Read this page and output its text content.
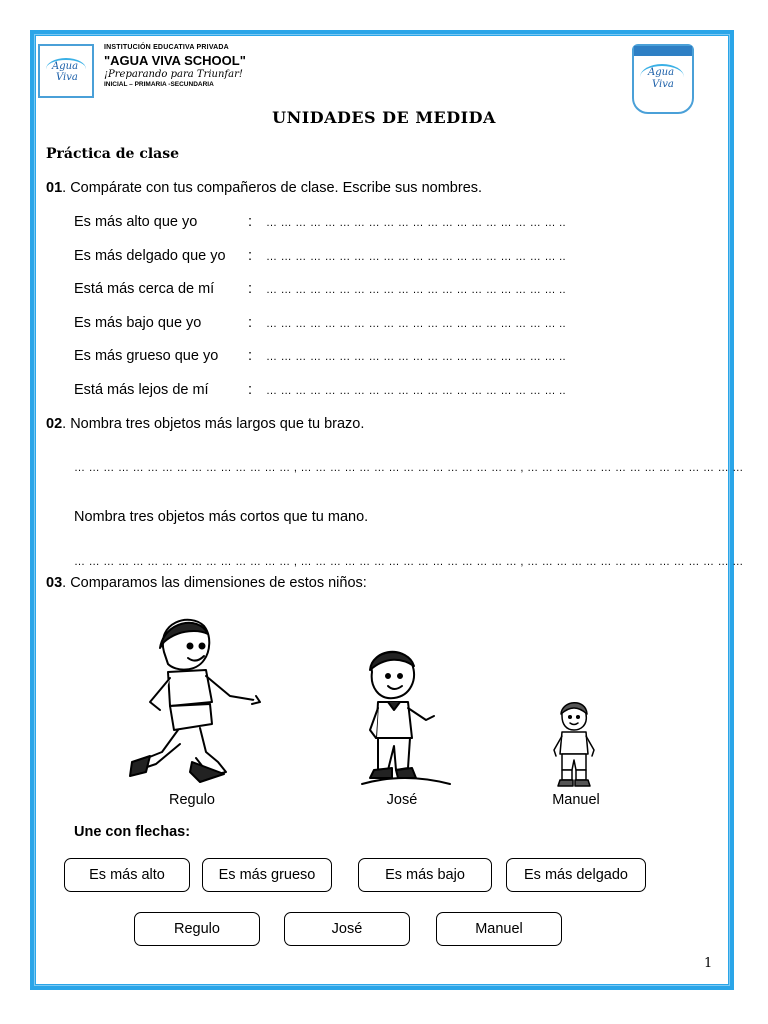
Agua
Viva
INSTITUCIÓN EDUCATIVA PRIVADA
"AGUA VIVA SCHOOL"
¡Preparando para Triunfar!
INICIAL – PRIMARIA -SECUNDARIA
Agua
Viva
UNIDADES DE MEDIDA
Práctica de clase
01. Compárate con tus compañeros de clase. Escribe sus nombres.
Es más alto que yo	: … … … … … … … … … … … … … … … … … … … … ..
Es más delgado que yo : … … … … … … … … … … … … … … … … … … … … ..
Está más cerca de mí : … … … … … … … … … … … … … … … … … … … … ..
Es más bajo que yo	: … … … … … … … … … … … … … … … … … … … … ..
Es más grueso que yo : … … … … … … … … … … … … … … … … … … … … ..
Está más lejos de mí	: … … … … … … … … … … … … … … … … … … … … ..
02. Nombra tres objetos más largos que tu brazo.
… … … … … … … … … … … … … … … , … … … … … … … … … … … … … … … , … … … … … … … … … … … … … … …
Nombra tres objetos más cortos que tu mano.
… … … … … … … … … … … … … … … , … … … … … … … … … … … … … … … , … … … … … … … … … … … … … … …
03. Comparamos las dimensiones de estos niños:
Regulo	José	Manuel
Une con flechas:
Es más alto	Es más grueso	Es más bajo	Es más delgado
Regulo	José	Manuel
1
